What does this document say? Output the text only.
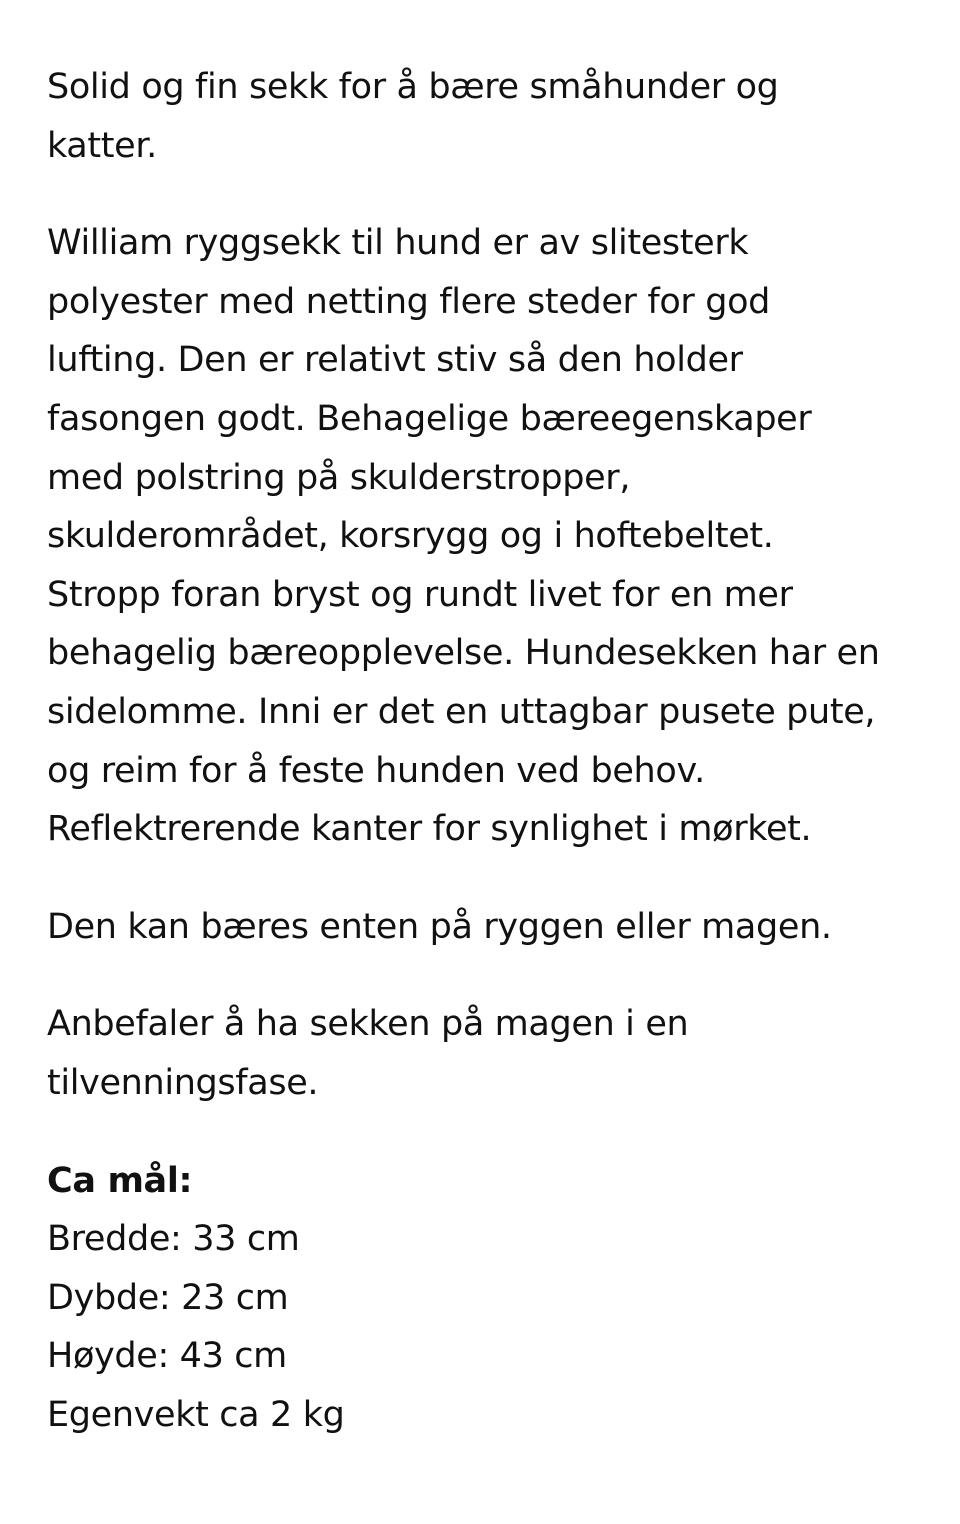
Solid og fin sekk for å bære småhunder og
katter.

William ryggsekk til hund er av slitesterk
polyester med netting flere steder for god
lufting. Den er relativt stiv så den holder
fasongen godt. Behagelige bæreegenskaper
med polstring på skulderstropper,
skulderområdet, korsrygg og i hoftebeltet.
Stropp foran bryst og rundt livet for en mer
behagelig bæreopplevelse. Hundesekken har en
sidelomme. Inni er det en uttagbar pusete pute,
og reim for å feste hunden ved behov.
Reflektrerende kanter for synlighet i mørket.

Den kan bæres enten på ryggen eller magen.

Anbefaler å ha sekken på magen i en
tilvenningsfase.

Ca mål:
Bredde: 33 cm
Dybde: 23 cm
Høyde: 43 cm
Egenvekt ca 2 kg
